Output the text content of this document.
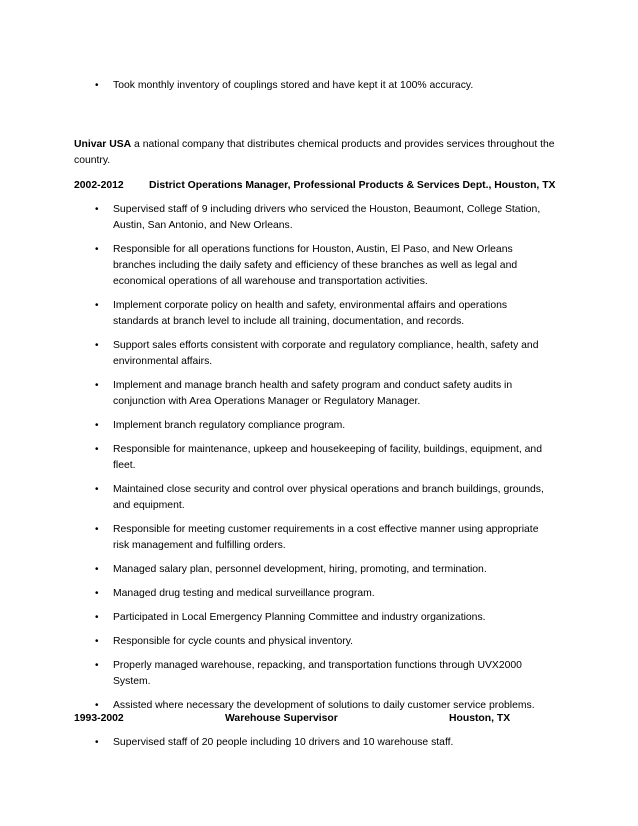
• Took monthly inventory of couplings stored and have kept it at 100% accuracy.
Univar USA a national company that distributes chemical products and provides services throughout the country.
2002-2012 District Operations Manager, Professional Products & Services Dept., Houston, TX
• Supervised staff of 9 including drivers who serviced the Houston, Beaumont, College Station, Austin, San Antonio, and New Orleans.
• Responsible for all operations functions for Houston, Austin, El Paso, and New Orleans branches including the daily safety and efficiency of these branches as well as legal and economical operations of all warehouse and transportation activities.
• Implement corporate policy on health and safety, environmental affairs and operations standards at branch level to include all training, documentation, and records.
• Support sales efforts consistent with corporate and regulatory compliance, health, safety and environmental affairs.
• Implement and manage branch health and safety program and conduct safety audits in conjunction with Area Operations Manager or Regulatory Manager.
• Implement branch regulatory compliance program.
• Responsible for maintenance, upkeep and housekeeping of facility, buildings, equipment, and fleet.
• Maintained close security and control over physical operations and branch buildings, grounds, and equipment.
• Responsible for meeting customer requirements in a cost effective manner using appropriate risk management and fulfilling orders.
• Managed salary plan, personnel development, hiring, promoting, and termination.
• Managed drug testing and medical surveillance program.
• Participated in Local Emergency Planning Committee and industry organizations.
• Responsible for cycle counts and physical inventory.
• Properly managed warehouse, repacking, and transportation functions through UVX2000 System.
• Assisted where necessary the development of solutions to daily customer service problems.
1993-2002	Warehouse Supervisor	Houston, TX
• Supervised staff of 20 people including 10 drivers and 10 warehouse staff.
